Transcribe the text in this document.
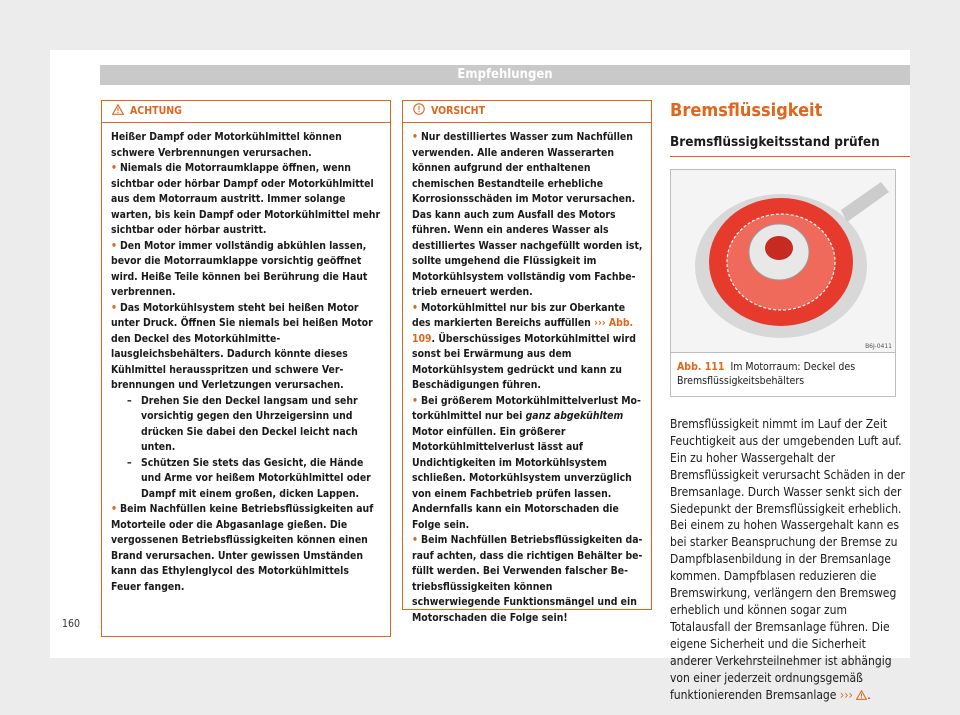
Empfehlungen
ACHTUNG

Heißer Dampf oder Motorkühlmittel können schwere Verbrennungen verursachen.

• Niemals die Motorraumklappe öffnen, wenn sichtbar oder hörbar Dampf oder Motorkühlmittel aus dem Motorraum austritt. Immer solange warten, bis kein Dampf oder Motorkühlmittel mehr sichtbar oder hörbar austritt.

• Den Motor immer vollständig abkühlen lassen, bevor die Motorraumklappe vorsichtig geöffnet wird. Heiße Teile können bei Berührung die Haut verbrennen.

• Das Motorkühlsystem steht bei heißen Motor unter Druck. Öffnen Sie niemals bei heißen Motor den Deckel des Motorkühlmittelausgleichsbehälters. Dadurch könnte dieses Kühlmittel herausspritzen und schwere Verbrennungen und Verletzungen verursachen.

– Drehen Sie den Deckel langsam und sehr vorsichtig gegen den Uhrzeigersinn und drücken Sie dabei den Deckel leicht nach unten.

– Schützen Sie stets das Gesicht, die Hände und Arme vor heißem Motorkühlmittel oder Dampf mit einem großen, dicken Lappen.

• Beim Nachfüllen keine Betriebsflüssigkeiten auf Motorteile oder die Abgasanlage gießen. Die vergossenen Betriebsflüssigkeiten können einen Brand verursachen. Unter gewissen Umständen kann das Ethylenglycol des Motorkühlmittels Feuer fangen.

VORSICHT

• Nur destilliertes Wasser zum Nachfüllen verwenden. Alle anderen Wasserarten können aufgrund der enthaltenen chemischen Bestandteile erhebliche Korrosionsschäden im Motor verursachen. Das kann auch zum Ausfall des Motors führen. Wenn ein anderes Wasser als destilliertes Wasser nachgefüllt worden ist, sollte umgehend die Flüssigkeit im Motorkühlsystem vollständig vom Fachbetrieb erneuert werden.

• Motorkühlmittel nur bis zur Oberkante des markierten Bereichs auffüllen ››› Abb. 109. Überschüssiges Motorkühlmittel wird sonst bei Erwärmung aus dem Motorkühlsystem gedrückt und kann zu Beschädigungen führen.

• Bei größerem Motorkühlmittelverlust Motorkühlmittel nur bei ganz abgekühltem Motor einfüllen. Ein größerer Motorkühlmittelverlust lässt auf Undichtigkeiten im Motorkühlsystem schließen. Motorkühlsystem unverzüglich von einem Fachbetrieb prüfen lassen. Andernfalls kann ein Motorschaden die Folge sein.

• Beim Nachfüllen Betriebsflüssigkeiten darauf achten, dass die richtigen Behälter befüllt werden. Bei Verwenden falscher Betriebsflüssigkeiten können schwerwiegende Funktionsmängel und ein Motorschaden die Folge sein!

Bremsflüssigkeit
Bremsflüssigkeitsstand prüfen
B6J-0411
Abb. 111 Im Motorraum: Deckel des Bremsflüssigkeitsbehälters

Bremsflüssigkeit nimmt im Lauf der Zeit Feuchtigkeit aus der umgebenden Luft auf. Ein zu hoher Wassergehalt der Bremsflüssigkeit verursacht Schäden in der Bremsanlage. Durch Wasser senkt sich der Siedepunkt der Bremsflüssigkeit erheblich. Bei einem zu hohen Wassergehalt kann es bei starker Beanspruchung der Bremse zu Dampfblasenbildung in der Bremsanlage kommen. Dampfblasen reduzieren die Bremswirkung, verlängern den Bremsweg erheblich und können sogar zum Totalausfall der Bremsanlage führen. Die eigene Sicherheit und die Sicherheit anderer Verkehrsteilnehmer ist abhängig von einer jederzeit ordnungsgemäß funktionierenden Bremsanlage ››› .

160
